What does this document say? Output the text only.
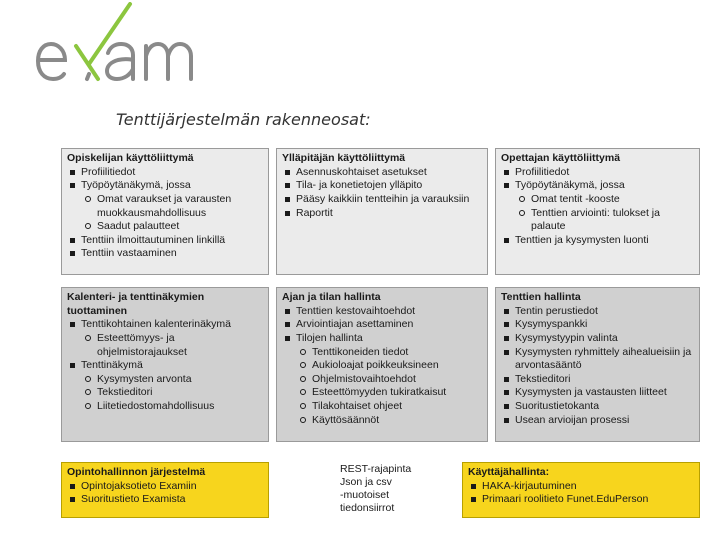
exam
Tenttijärjestelmän rakenneosat:
Opiskelijan käyttöliittymä
Profiilitiedot
Työpöytänäkymä, jossa
Omat varaukset ja varausten muokkausmahdollisuus
Saadut palautteet
Tenttiin ilmoittautuminen linkillä
Tenttiin vastaaminen
Ylläpitäjän käyttöliittymä
Asennuskohtaiset asetukset
Tila- ja konetietojen ylläpito
Pääsy kaikkiin tentteihin ja varauksiin
Raportit
Opettajan käyttöliittymä
Profiilitiedot
Työpöytänäkymä, jossa
Omat tentit -kooste
Tenttien arviointi: tulokset ja palaute
Tenttien ja kysymysten luonti
Kalenteri- ja tenttinäkymien tuottaminen
Tenttikohtainen kalenterinäkymä
Esteettömyys- ja ohjelmistorajaukset
Tenttinäkymä
Kysymysten arvonta
Tekstieditori
Liitetiedostomahdollisuus
Ajan ja tilan hallinta
Tenttien kestovaihtoehdot
Arviointiajan asettaminen
Tilojen hallinta
Tenttikoneiden tiedot
Aukioloajat poikkeuksineen
Ohjelmistovaihtoehdot
Esteettömyyden tukiratkaisut
Tilakohtaiset ohjeet
Käyttösäännöt
Tenttien hallinta
Tentin perustiedot
Kysymyspankki
Kysymystyypin valinta
Kysymysten ryhmittely aihealueisiin ja arvontasääntö
Tekstieditori
Kysymysten ja vastausten liitteet
Suoritustietokanta
Usean arvioijan prosessi
Opintohallinnon järjestelmä
Opintojaksotieto Examiin
Suoritustieto Examista
Käyttäjähallinta:
HAKA-kirjautuminen
Primaari roolitieto Funet.EduPerson
REST-rajapinta
Json ja csv
-muotoiset
tiedonsiirrot
